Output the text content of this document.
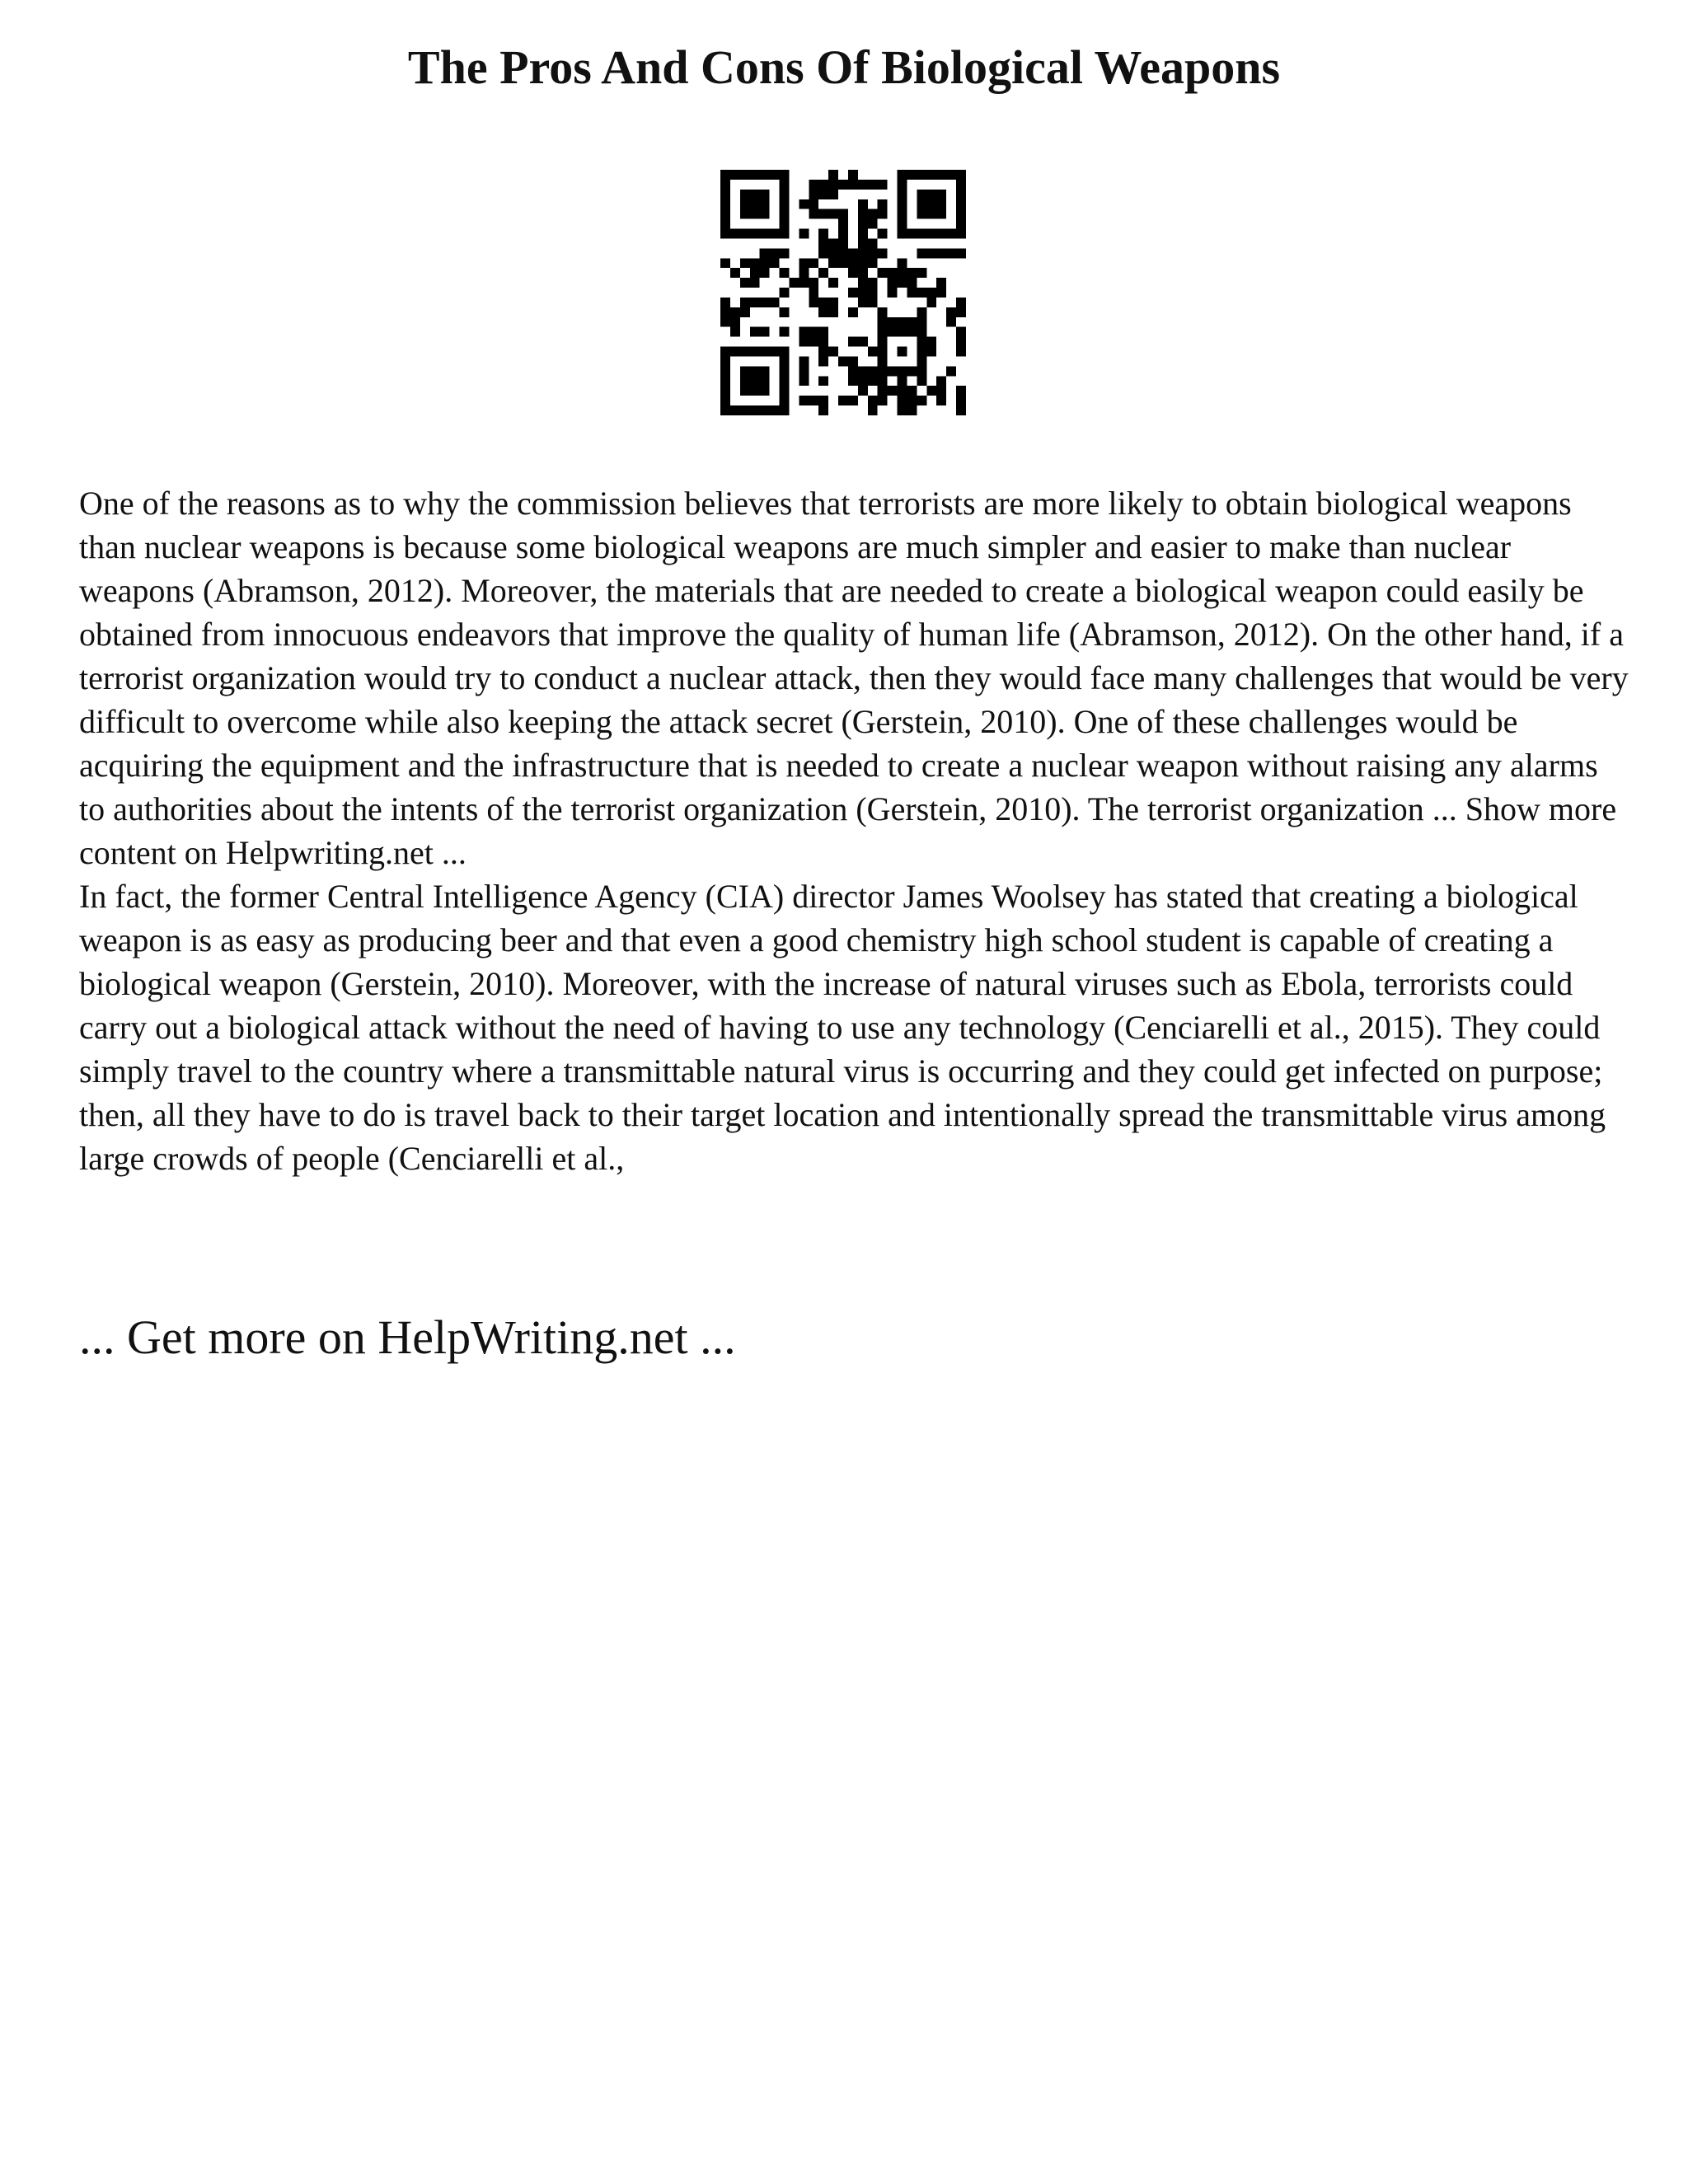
The Pros And Cons Of Biological Weapons

One of the reasons as to why the commission believes that terrorists are more likely to obtain biological weapons than nuclear weapons is because some biological weapons are much simpler and easier to make than nuclear weapons (Abramson, 2012). Moreover, the materials that are needed to create a biological weapon could easily be obtained from innocuous endeavors that improve the quality of human life (Abramson, 2012). On the other hand, if a terrorist organization would try to conduct a nuclear attack, then they would face many challenges that would be very difficult to overcome while also keeping the attack secret (Gerstein, 2010). One of these challenges would be acquiring the equipment and the infrastructure that is needed to create a nuclear weapon without raising any alarms to authorities about the intents of the terrorist organization (Gerstein, 2010). The terrorist organization ... Show more content on Helpwriting.net ...

In fact, the former Central Intelligence Agency (CIA) director James Woolsey has stated that creating a biological weapon is as easy as producing beer and that even a good chemistry high school student is capable of creating a biological weapon (Gerstein, 2010). Moreover, with the increase of natural viruses such as Ebola, terrorists could carry out a biological attack without the need of having to use any technology (Cenciarelli et al., 2015). They could simply travel to the country where a transmittable natural virus is occurring and they could get infected on purpose; then, all they have to do is travel back to their target location and intentionally spread the transmittable virus among large crowds of people (Cenciarelli et al.,

... Get more on HelpWriting.net ...
